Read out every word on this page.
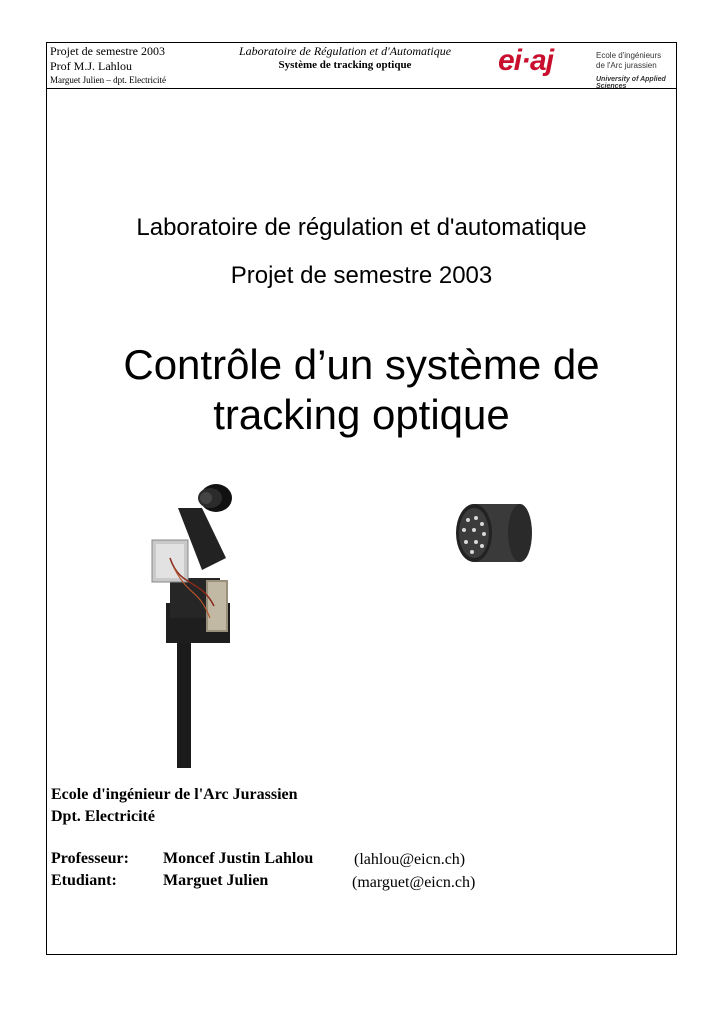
Projet de semestre 2003
Prof M.J. Lahlou
Marguet Julien – dpt. Electricité
Laboratoire de Régulation et d'Automatique
Système de tracking optique	ei·aj	Ecole d'ingénieurs
de l'Arc jurassien
University of Applied Sciences
Laboratoire de régulation et d'automatique
Projet de semestre 2003
Contrôle d’un système de
tracking optique
Ecole d'ingénieur de l'Arc Jurassien
Dpt. Electricité
Professeur: Moncef Justin Lahlou	(lahlou@eicn.ch)
Etudiant:	Marguet Julien	(marguet@eicn.ch)
